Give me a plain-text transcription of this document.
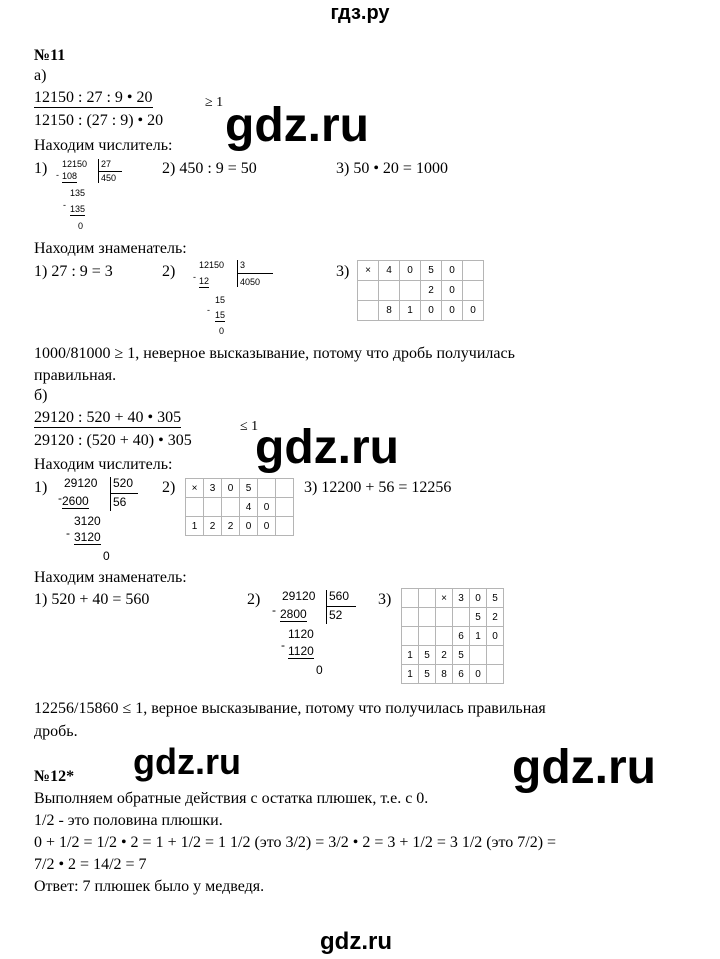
гдз.ру
gdz.ru
gdz.ru
gdz.ru	gdz.ru
gdz.ru
№11
а)
12150 : 27 : 9 • 20	≥ 1
12150 : (27 : 9) • 20
Находим числитель:
1) -
12150 27
450
108
135
- 135
0
2) 450 : 9 = 50	3) 50 • 20 = 1000
Находим знаменатель:
1) 27 : 9 = 3	2) -
12150 3
4050
12
15
- 15
0
3) ×	4	0	5	0	
			2	0	
	8	1	0	0	0
1000/81000 ≥ 1, неверное высказывание, потому что дробь получилась
правильная.
б)
29120 : 520 + 40 • 305
≤ 1
29120 : (520 + 40) • 305
Находим числитель:
1)
-
29120 520
56
2600
3120
- 3120
0
2) ×	3	0	5		
			4	0	
1	2	2	0	0	
3) 12200 + 56 = 12256
Находим знаменатель:
1) 520 + 40 = 560	2)
-
29120 560
52
2800
1120
- 1120
0
3)
			×	3	0	5
				5	2
			6	1	0
1	5	2	5		
1	5	8	6	0	
12256/15860 ≤ 1, верное высказывание, потому что получилась правильная
дробь.
№12*
Выполняем обратные действия с остатка плюшек, т.е. с 0.
1/2 - это половина плюшки.
0 + 1/2 = 1/2 • 2 = 1 + 1/2 = 1 1/2 (это 3/2) = 3/2 • 2 = 3 + 1/2 = 3 1/2 (это 7/2) =
7/2 • 2 = 14/2 = 7
Ответ: 7 плюшек было у медведя.
